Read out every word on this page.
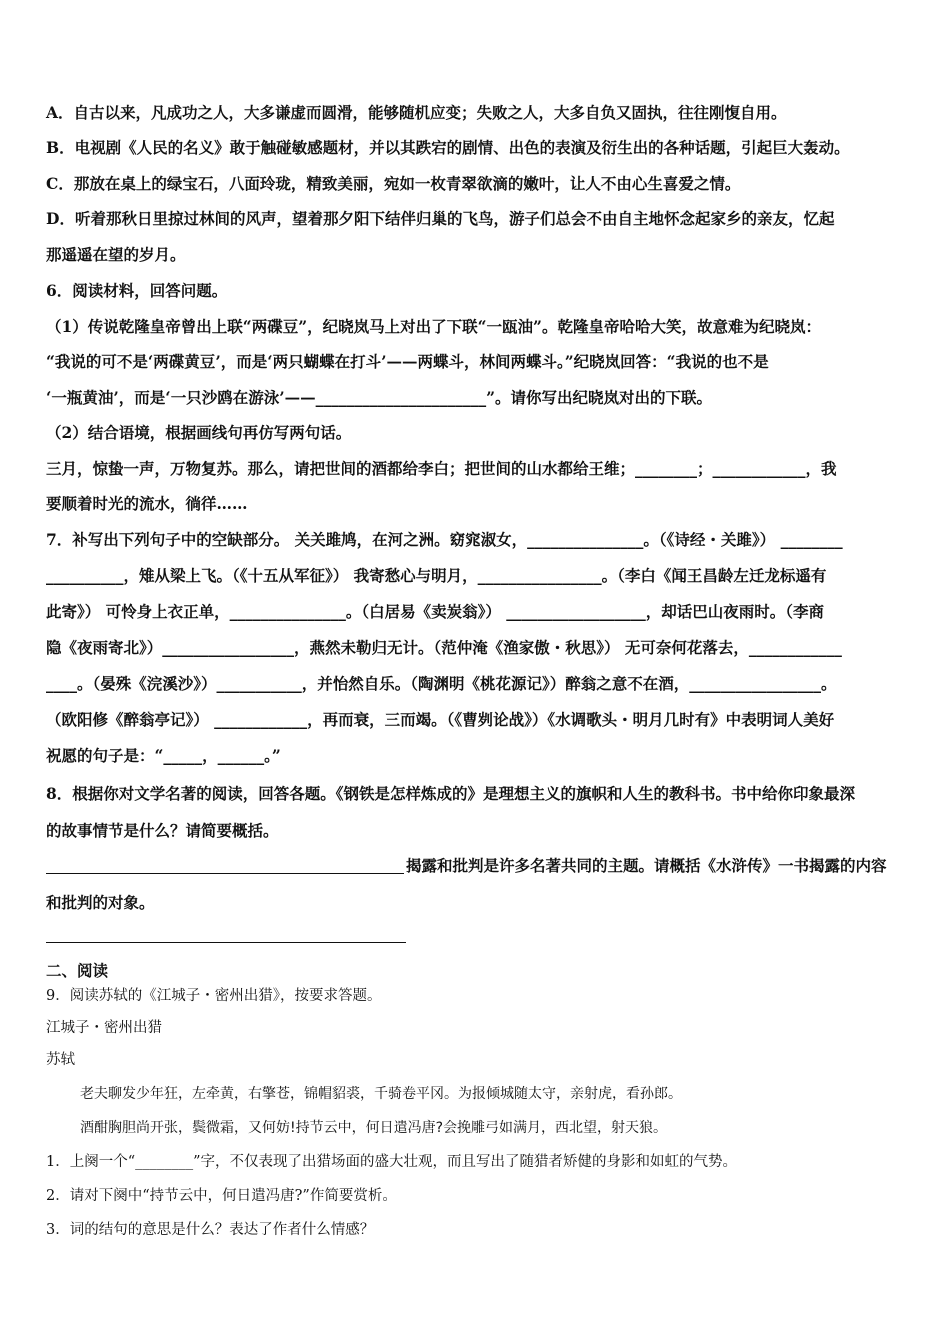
A．自古以来，凡成功之人，大多谦虚而圆滑，能够随机应变；失败之人，大多自负又固执，往往刚愎自用。
B．电视剧《人民的名义》敢于触碰敏感题材，并以其跌宕的剧情、出色的表演及衍生出的各种话题，引起巨大轰动。
C．那放在桌上的绿宝石，八面玲珑，精致美丽，宛如一枚青翠欲滴的嫩叶，让人不由心生喜爱之情。
D．听着那秋日里掠过林间的风声，望着那夕阳下结伴归巢的飞鸟，游子们总会不由自主地怀念起家乡的亲友，忆起
那遥遥在望的岁月。
6．阅读材料，回答问题。
（1）传说乾隆皇帝曾出上联“两碟豆”，纪晓岚马上对出了下联“一瓯油”。乾隆皇帝哈哈大笑，故意难为纪晓岚：
“我说的可不是‘两碟黄豆’，而是‘两只蝴蝶在打斗’——两蝶斗，林间两蝶斗。”纪晓岚回答：“我说的也不是
‘一瓶黄油’，而是‘一只沙鸥在游泳’——______________________”。请你写出纪晓岚对出的下联。
（2）结合语境，根据画线句再仿写两句话。
三月，惊蛰一声，万物复苏。那么，请把世间的酒都给李白；把世间的山水都给王维；________；____________，我
要顺着时光的流水，徜徉……
7．补写出下列句子中的空缺部分。 关关雎鸠，在河之洲。窈窕淑女，_______________。（《诗经・关雎》） ________
__________，雉从梁上飞。（《十五从军征》） 我寄愁心与明月，________________。（李白《闻王昌龄左迁龙标遥有
此寄》） 可怜身上衣正单，_______________。（白居易《卖炭翁》） __________________，却话巴山夜雨时。（李商
隐《夜雨寄北》）_________________，燕然未勒归无计。（范仲淹《渔家傲・秋思》） 无可奈何花落去，____________
____。（晏殊《浣溪沙》）___________，并怡然自乐。（陶渊明《桃花源记》）醉翁之意不在酒，_________________。
（欧阳修《醉翁亭记》） ____________，再而衰，三而竭。（《曹刿论战》）《水调歌头・明月几时有》中表明词人美好
祝愿的句子是：“_____，______。”
8．根据你对文学名著的阅读，回答各题。《钢铁是怎样炼成的》是理想主义的旗帜和人生的教科书。书中给你印象最深
的故事情节是什么？请简要概括。
揭露和批判是许多名著共同的主题。请概括《水浒传》一书揭露的内容
和批判的对象。
二、阅读
9．阅读苏轼的《江城子・密州出猎》，按要求答题。
江城子・密州出猎
苏轼
老夫聊发少年狂，左牵黄，右擎苍，锦帽貂裘，千骑卷平冈。为报倾城随太守，亲射虎，看孙郎。
酒酣胸胆尚开张，鬓微霜，又何妨!持节云中，何日遣冯唐?会挽雕弓如满月，西北望，射天狼。
1．上阕一个“________”字，不仅表现了出猎场面的盛大壮观，而且写出了随猎者矫健的身影和如虹的气势。
2．请对下阕中“持节云中，何日遣冯唐?”作简要赏析。
3．词的结句的意思是什么？表达了作者什么情感？
